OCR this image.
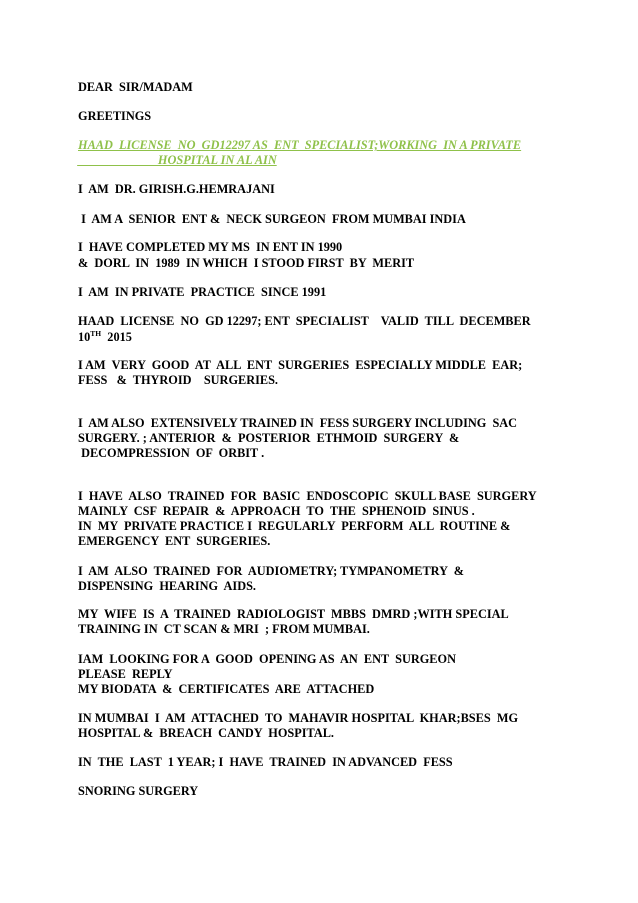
DEAR  SIR/MADAM

GREETINGS

HAAD  LICENSE  NO  GD12297 AS  ENT  SPECIALIST;WORKING  IN A PRIVATE

____________  HOSPITAL IN AL AIN

I  AM  DR. GIRISH.G.HEMRAJANI

I  AM A  SENIOR  ENT &  NECK SURGEON  FROM MUMBAI INDIA

I  HAVE COMPLETED MY MS  IN ENT IN 1990

&  DORL  IN  1989  IN WHICH  I STOOD FIRST  BY  MERIT

I  AM  IN PRIVATE  PRACTICE  SINCE 1991

HAAD  LICENSE  NO  GD 12297; ENT  SPECIALIST    VALID  TILL  DECEMBER

10TH  2015

I AM  VERY  GOOD  AT  ALL  ENT  SURGERIES  ESPECIALLY MIDDLE  EAR;

FESS   &  THYROID    SURGERIES.

I  AM ALSO  EXTENSIVELY TRAINED IN  FESS SURGERY INCLUDING  SAC

SURGERY. ; ANTERIOR  &  POSTERIOR  ETHMOID  SURGERY  &

DECOMPRESSION  OF  ORBIT .

I  HAVE  ALSO  TRAINED  FOR  BASIC  ENDOSCOPIC  SKULL BASE  SURGERY

MAINLY  CSF  REPAIR  &  APPROACH  TO  THE  SPHENOID  SINUS .

IN  MY  PRIVATE PRACTICE I  REGULARLY  PERFORM  ALL  ROUTINE &

EMERGENCY  ENT  SURGERIES.

I  AM  ALSO  TRAINED  FOR  AUDIOMETRY; TYMPANOMETRY  &

DISPENSING  HEARING  AIDS.

MY  WIFE  IS  A  TRAINED  RADIOLOGIST  MBBS  DMRD ;WITH SPECIAL

TRAINING IN  CT SCAN & MRI  ; FROM MUMBAI.

IAM  LOOKING FOR A  GOOD  OPENING AS  AN  ENT  SURGEON

PLEASE  REPLY

MY BIODATA  &  CERTIFICATES  ARE  ATTACHED

IN MUMBAI  I  AM  ATTACHED  TO  MAHAVIR HOSPITAL  KHAR;BSES  MG

HOSPITAL &  BREACH  CANDY  HOSPITAL.

IN  THE  LAST  1 YEAR; I  HAVE  TRAINED  IN ADVANCED  FESS

SNORING SURGERY
